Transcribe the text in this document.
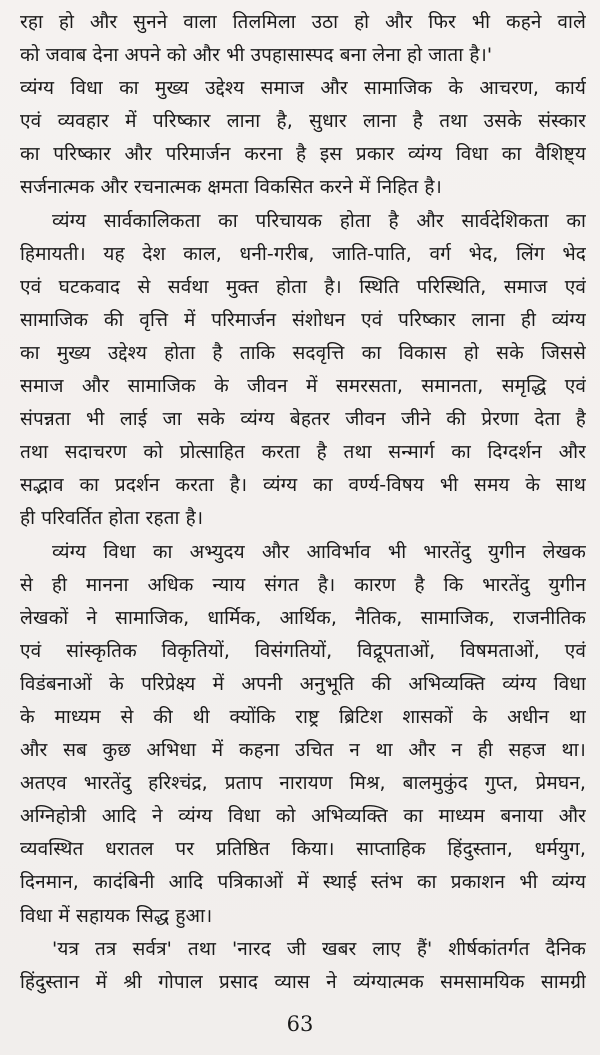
रहा हो और सुनने वाला तिलमिला उठा हो और फिर भी कहने वाले
को जवाब देना अपने को और भी उपहासास्पद बना लेना हो जाता है।'
व्यंग्य विधा का मुख्य उद्देश्य समाज और सामाजिक के आचरण, कार्य
एवं व्यवहार में परिष्कार लाना है, सुधार लाना है तथा उसके संस्कार
का परिष्कार और परिमार्जन करना है इस प्रकार व्यंग्य विधा का वैशिष्ट्य
सर्जनात्मक और रचनात्मक क्षमता विकसित करने में निहित है।
व्यंग्य सार्वकालिकता का परिचायक होता है और सार्वदेशिकता का
हिमायती। यह देश काल, धनी-गरीब, जाति-पाति, वर्ग भेद, लिंग भेद
एवं घटकवाद से सर्वथा मुक्त होता है। स्थिति परिस्थिति, समाज एवं
सामाजिक की वृत्ति में परिमार्जन संशोधन एवं परिष्कार लाना ही व्यंग्य
का मुख्य उद्देश्य होता है ताकि सदवृत्ति का विकास हो सके जिससे
समाज और सामाजिक के जीवन में समरसता, समानता, समृद्धि एवं
संपन्नता भी लाई जा सके व्यंग्य बेहतर जीवन जीने की प्रेरणा देता है
तथा सदाचरण को प्रोत्साहित करता है तथा सन्मार्ग का दिग्दर्शन और
सद्भाव का प्रदर्शन करता है। व्यंग्य का वर्ण्य-विषय भी समय के साथ
ही परिवर्तित होता रहता है।
व्यंग्य विधा का अभ्युदय और आविर्भाव भी भारतेंदु युगीन लेखक
से ही मानना अधिक न्याय संगत है। कारण है कि भारतेंदु युगीन
लेखकों ने सामाजिक, धार्मिक, आर्थिक, नैतिक, सामाजिक, राजनीतिक
एवं सांस्कृतिक विकृतियों, विसंगतियों, विद्रूपताओं, विषमताओं, एवं
विडंबनाओं के परिप्रेक्ष्य में अपनी अनुभूति की अभिव्यक्ति व्यंग्य विधा
के माध्यम से की थी क्योंकि राष्ट्र ब्रिटिश शासकों के अधीन था
और सब कुछ अभिधा में कहना उचित न था और न ही सहज था।
अतएव भारतेंदु हरिश्चंद्र, प्रताप नारायण मिश्र, बालमुकुंद गुप्त, प्रेमघन,
अग्निहोत्री आदि ने व्यंग्य विधा को अभिव्यक्ति का माध्यम बनाया और
व्यवस्थित धरातल पर प्रतिष्ठित किया। साप्ताहिक हिंदुस्तान, धर्मयुग,
दिनमान, कादंबिनी आदि पत्रिकाओं में स्थाई स्तंभ का प्रकाशन भी व्यंग्य
विधा में सहायक सिद्ध हुआ।
'यत्र तत्र सर्वत्र' तथा 'नारद जी खबर लाए हैं' शीर्षकांतर्गत दैनिक
हिंदुस्तान में श्री गोपाल प्रसाद व्यास ने व्यंग्यात्मक समसामयिक सामग्री
63
